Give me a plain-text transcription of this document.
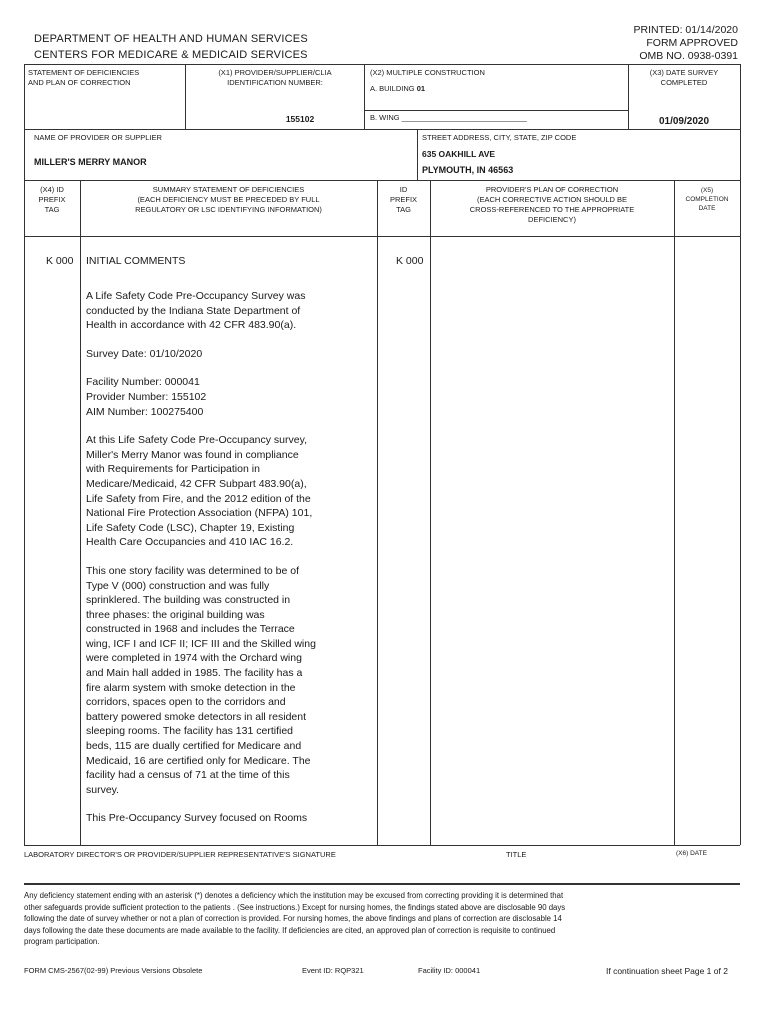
DEPARTMENT OF HEALTH AND HUMAN SERVICES
CENTERS FOR MEDICARE & MEDICAID SERVICES
PRINTED: 01/14/2020
FORM APPROVED
OMB NO. 0938-0391
STATEMENT OF DEFICIENCIES
AND PLAN OF CORRECTION
(X1) PROVIDER/SUPPLIER/CLIA
IDENTIFICATION NUMBER:
155102
(X2) MULTIPLE CONSTRUCTION
A. BUILDING 01
B. WING ______________________________
(X3) DATE SURVEY
COMPLETED
01/09/2020
NAME OF PROVIDER OR SUPPLIER
MILLER'S MERRY MANOR
STREET ADDRESS, CITY, STATE, ZIP CODE
635 OAKHILL AVE
PLYMOUTH, IN 46563
(X4) ID
PREFIX
TAG
SUMMARY STATEMENT OF DEFICIENCIES
(EACH DEFICIENCY MUST BE PRECEDED BY FULL
REGULATORY OR LSC IDENTIFYING INFORMATION)
ID
PREFIX
TAG
PROVIDER'S PLAN OF CORRECTION
(EACH CORRECTIVE ACTION SHOULD BE
CROSS-REFERENCED TO THE APPROPRIATE
DEFICIENCY)
(X5)
COMPLETION
DATE
K 000	K 000
INITIAL COMMENTS

A Life Safety Code Pre-Occupancy Survey was
conducted by the Indiana State Department of
Health in accordance with 42 CFR 483.90(a).

Survey Date: 01/10/2020

Facility Number: 000041
Provider Number: 155102
AIM Number: 100275400

At this Life Safety Code Pre-Occupancy survey,
Miller's Merry Manor was found in compliance
with Requirements for Participation in
Medicare/Medicaid, 42 CFR Subpart 483.90(a),
Life Safety from Fire, and the 2012 edition of the
National Fire Protection Association (NFPA) 101,
Life Safety Code (LSC), Chapter 19, Existing
Health Care Occupancies and 410 IAC 16.2.

This one story facility was determined to be of
Type V (000) construction and was fully
sprinklered. The building was constructed in
three phases: the original building was
constructed in 1968 and includes the Terrace
wing, ICF I and ICF II; ICF III and the Skilled wing
were completed in 1974 with the Orchard wing
and Main hall added in 1985. The facility has a
fire alarm system with smoke detection in the
corridors, spaces open to the corridors and
battery powered smoke detectors in all resident
sleeping rooms. The facility has 131 certified
beds, 115 are dually certified for Medicare and
Medicaid, 16 are certified only for Medicare. The
facility had a census of 71 at the time of this
survey.

This Pre-Occupancy Survey focused on Rooms

LABORATORY DIRECTOR'S OR PROVIDER/SUPPLIER REPRESENTATIVE'S SIGNATURE	TITLE	(X6) DATE
Any deficiency statement ending with an asterisk (*) denotes a deficiency which the institution may be excused from correcting providing it is determined that
other safeguards provide sufficient protection to the patients . (See instructions.) Except for nursing homes, the findings stated above are disclosable 90 days
following the date of survey whether or not a plan of correction is provided. For nursing homes, the above findings and plans of correction are disclosable 14
days following the date these documents are made available to the facility. If deficiencies are cited, an approved plan of correction is requisite to continued
program participation.
FORM CMS-2567(02-99) Previous Versions Obsolete	Event ID: RQP321	Facility ID: 000041	If continuation sheet Page 1 of 2
